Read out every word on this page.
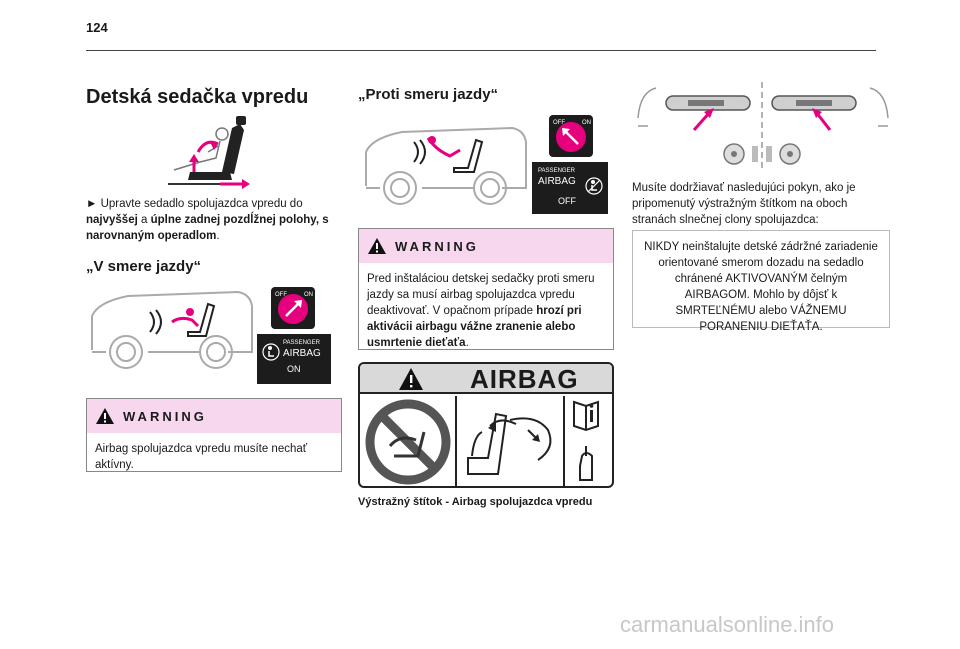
124
Detská sedačka vpredu
► Upravte sedadlo spolujazdca vpredu do najvyššej a úplne zadnej pozdĺžnej polohy, s narovnaným operadlom.
„V smere jazdy“
OFF	ON
PASSENGER
AIRBAG
ON
WARNING
Airbag spolujazdca vpredu musíte nechať aktívny.
„Proti smeru jazdy“
OFF	ON
PASSENGER
AIRBAG
OFF
WARNING
Pred inštaláciou detskej sedačky proti smeru jazdy sa musí airbag spolujazdca vpredu deaktivovať. V opačnom prípade hrozí pri aktivácii airbagu vážne zranenie alebo usmrtenie dieťaťa.
AIRBAG
Výstražný štítok - Airbag spolujazdca vpredu
Musíte dodržiavať nasledujúci pokyn, ako je pripomenutý výstražným štítkom na oboch stranách slnečnej clony spolujazdca:
NIKDY neinštalujte detské zádržné zariadenie orientované smerom dozadu na sedadlo chránené AKTIVOVANÝM čelným AIRBAGOM. Mohlo by dôjsť k SMRTEĽNÉMU alebo VÁŽNEMU PORANENIU DIEŤAŤA.
carmanualsonline.info
